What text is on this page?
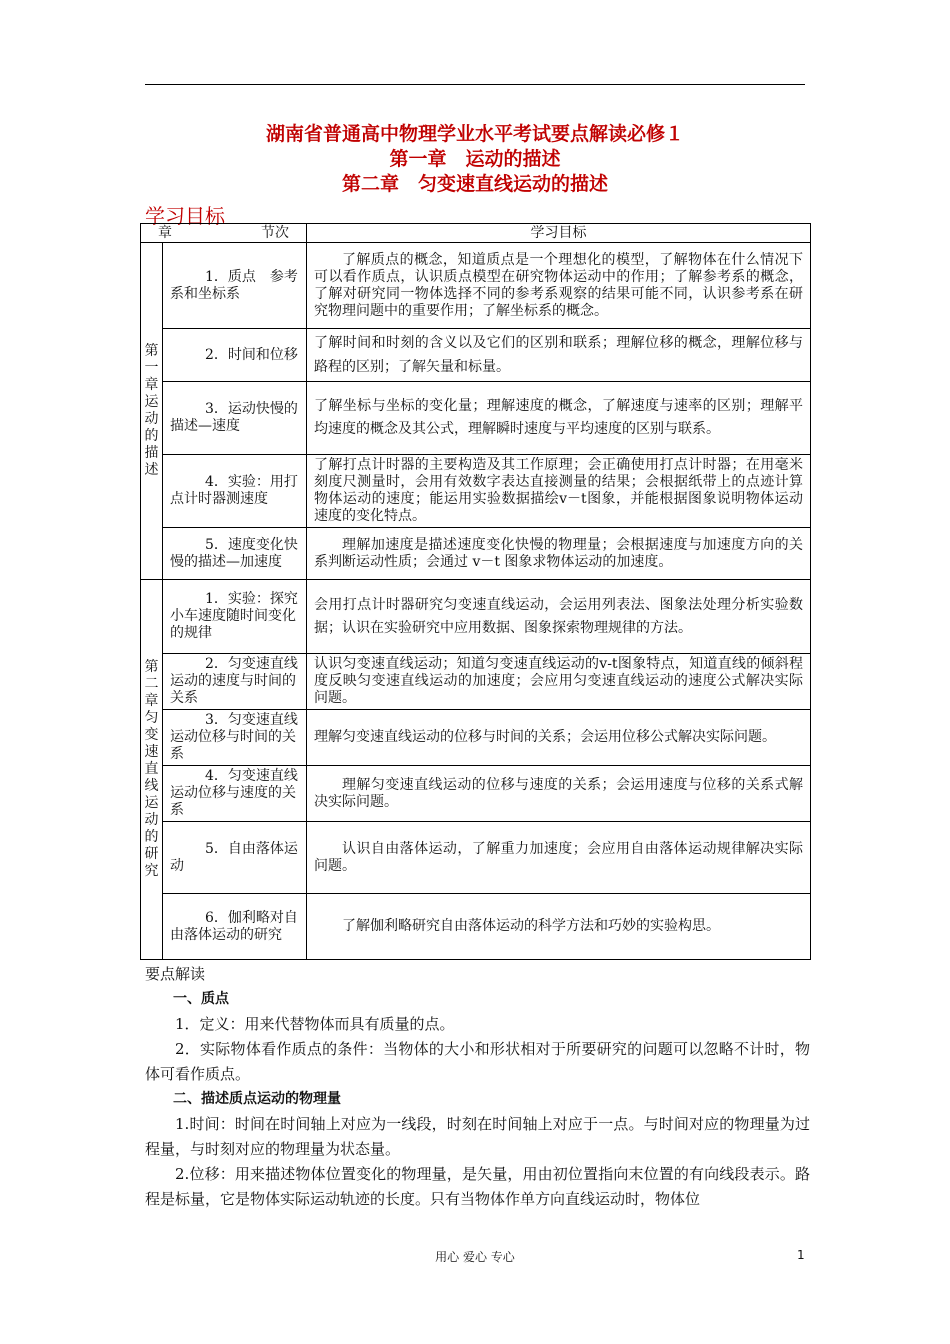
湖南省普通高中物理学业水平考试要点解读必修１
第一章　运动的描述
第二章　匀变速直线运动的描述
学习目标
章 节次		学习目标

第一章运动的描述	1．质点　参考系和坐标系	了解质点的概念，知道质点是一个理想化的模型，了解物体在什么情况下可以看作质点，认识质点模型在研究物体运动中的作用；了解参考系的概念，了解对研究同一物体选择不同的参考系观察的结果可能不同，认识参考系在研究物理问题中的重要作用；了解坐标系的概念。
	2．时间和位移	了解时间和时刻的含义以及它们的区别和联系；理解位移的概念，理解位移与路程的区别；了解矢量和标量。
	3．运动快慢的描述—速度	了解坐标与坐标的变化量；理解速度的概念，了解速度与速率的区别；理解平均速度的概念及其公式，理解瞬时速度与平均速度的区别与联系。
	4．实验：用打点计时器测速度	了解打点计时器的主要构造及其工作原理；会正确使用打点计时器；在用毫米刻度尺测量时，会用有效数字表达直接测量的结果；会根据纸带上的点迹计算物体运动的速度；能运用实验数据描绘v－t图象，并能根据图象说明物体运动速度的变化特点。
	5．速度变化快慢的描述—加速度	理解加速度是描述速度变化快慢的物理量；会根据速度与加速度方向的关系判断运动性质；会通过 v－t 图象求物体运动的加速度。

第二章匀变速直线运动的研究	1．实验：探究小车速度随时间变化的规律	会用打点计时器研究匀变速直线运动，会运用列表法、图象法处理分析实验数据；认识在实验研究中应用数据、图象探索物理规律的方法。
	2．匀变速直线运动的速度与时间的关系	认识匀变速直线运动；知道匀变速直线运动的v-t图象特点，知道直线的倾斜程度反映匀变速直线运动的加速度；会应用匀变速直线运动的速度公式解决实际问题。
	3．匀变速直线运动位移与时间的关系	理解匀变速直线运动的位移与时间的关系；会运用位移公式解决实际问题。
	4．匀变速直线运动位移与速度的关系	理解匀变速直线运动的位移与速度的关系；会运用速度与位移的关系式解决实际问题。
	5．自由落体运动	认识自由落体运动，了解重力加速度；会应用自由落体运动规律解决实际问题。
	6．伽利略对自由落体运动的研究	了解伽利略研究自由落体运动的科学方法和巧妙的实验构思。

要点解读

一、质点

1．定义：用来代替物体而具有质量的点。

2．实际物体看作质点的条件：当物体的大小和形状相对于所要研究的问题可以忽略不计时，物体可看作质点。

二、描述质点运动的物理量

1.时间：时间在时间轴上对应为一线段，时刻在时间轴上对应于一点。与时间对应的物理量为过程量，与时刻对应的物理量为状态量。

2.位移：用来描述物体位置变化的物理量，是矢量，用由初位置指向末位置的有向线段表示。路程是标量，它是物体实际运动轨迹的长度。只有当物体作单方向直线运动时，物体位

用心 爱心 专心	1
